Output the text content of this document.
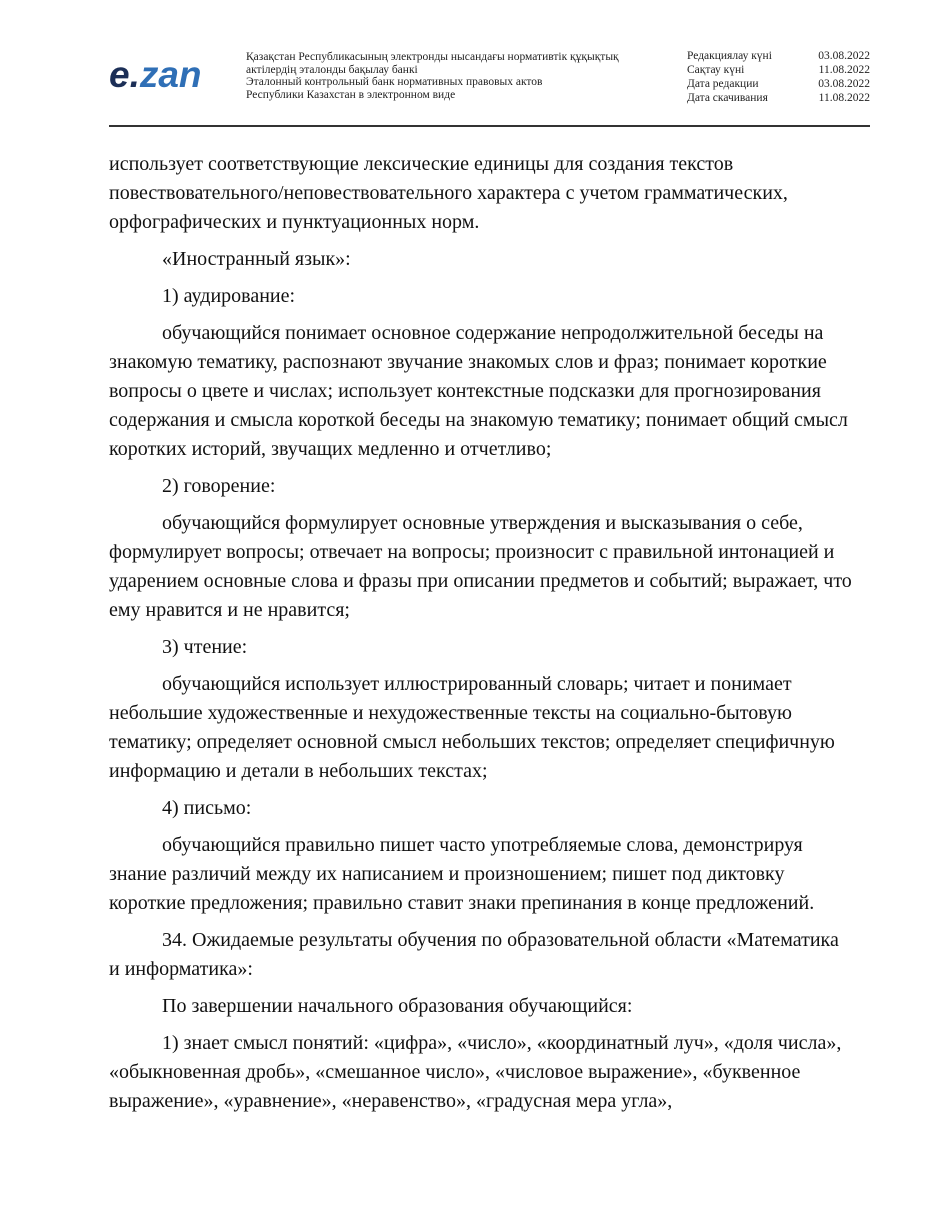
e.zan	Қазақстан Республикасының электронды нысандағы нормативтік құқықтық
актілердің эталонды бақылау банкі
Эталонный контрольный банк нормативных правовых актов
Республики Казахстан в электронном виде
Редакциялау күні	03.08.2022
Сақтау күні	11.08.2022
Дата редакции	03.08.2022
Дата скачивания	11.08.2022

использует соответствующие лексические единицы для создания текстов повествовательного/неповествовательного характера с учетом грамматических, орфографических и пунктуационных норм.

«Иностранный язык»:

1) аудирование:

обучающийся понимает основное содержание непродолжительной беседы на знакомую тематику, распознают звучание знакомых слов и фраз; понимает короткие вопросы о цвете и числах; использует контекстные подсказки для прогнозирования содержания и смысла короткой беседы на знакомую тематику; понимает общий смысл коротких историй, звучащих медленно и отчетливо;

2) говорение:

обучающийся формулирует основные утверждения и высказывания о себе, формулирует вопросы; отвечает на вопросы; произносит с правильной интонацией и ударением основные слова и фразы при описании предметов и событий; выражает, что ему нравится и не нравится;

3) чтение:

обучающийся использует иллюстрированный словарь; читает и понимает небольшие художественные и нехудожественные тексты на социально-бытовую тематику; определяет основной смысл небольших текстов; определяет специфичную информацию и детали в небольших текстах;

4) письмо:

обучающийся правильно пишет часто употребляемые слова, демонстрируя знание различий между их написанием и произношением; пишет под диктовку короткие предложения; правильно ставит знаки препинания в конце предложений.

34. Ожидаемые результаты обучения по образовательной области «Математика и информатика»:

По завершении начального образования обучающийся:

1) знает смысл понятий: «цифра», «число», «координатный луч», «доля числа», «обыкновенная дробь», «смешанное число», «числовое выражение», «буквенное выражение», «уравнение», «неравенство», «градусная мера угла»,
